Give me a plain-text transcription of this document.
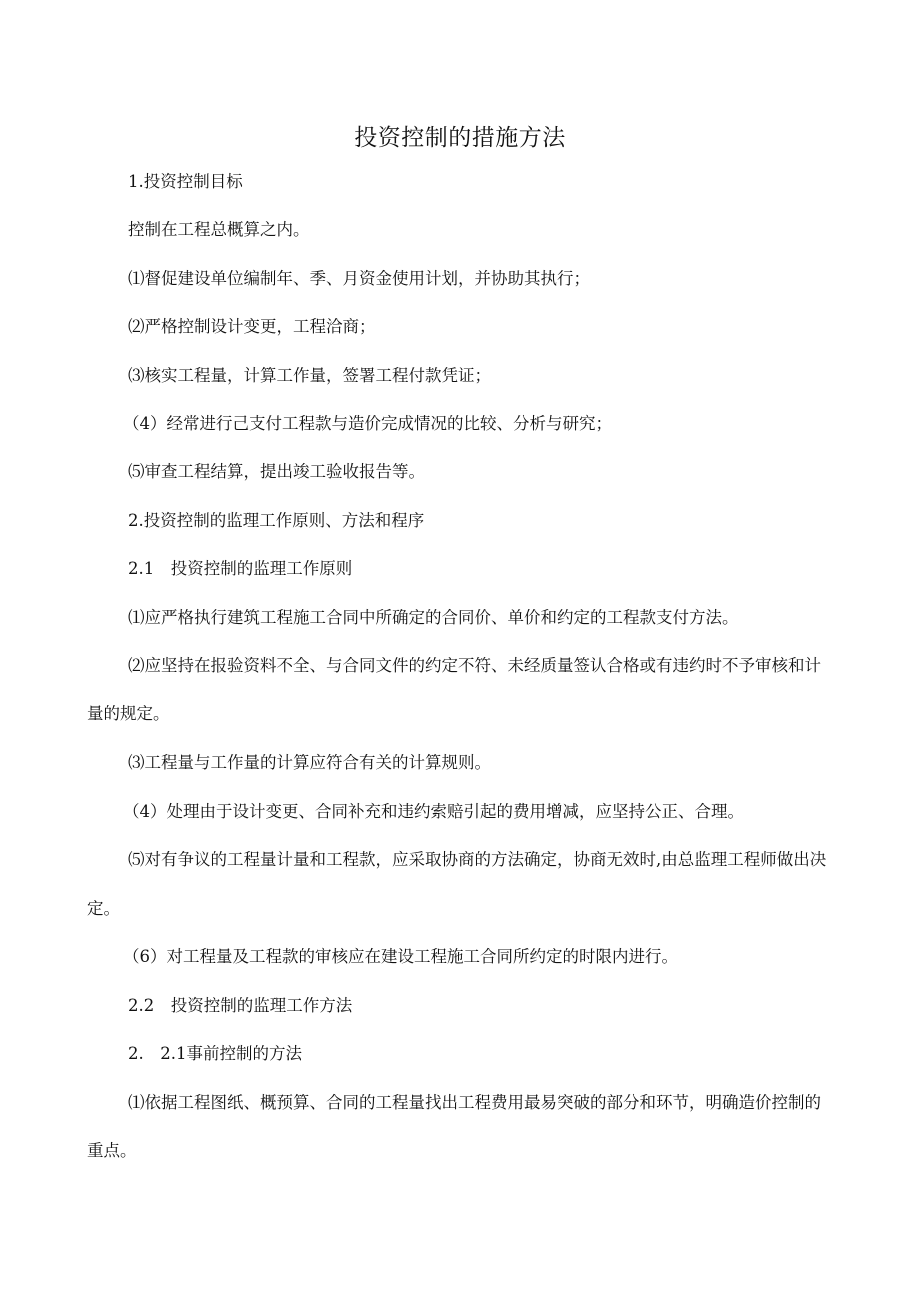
投资控制的措施方法

1.投资控制目标

控制在工程总概算之内。

⑴督促建设单位编制年、季、月资金使用计划，并协助其执行；

⑵严格控制设计变更，工程洽商；

⑶核实工程量，计算工作量，签署工程付款凭证；

（4）经常进行己支付工程款与造价完成情况的比较、分析与研究；

⑸审查工程结算，提出竣工验收报告等。

2.投资控制的监理工作原则、方法和程序

2.1　投资控制的监理工作原则

⑴应严格执行建筑工程施工合同中所确定的合同价、单价和约定的工程款支付方法。

⑵应坚持在报验资料不全、与合同文件的约定不符、未经质量签认合格或有违约时不予审核和计量的规定。

⑶工程量与工作量的计算应符合有关的计算规则。

（4）处理由于设计变更、合同补充和违约索赔引起的费用增减，应坚持公正、合理。

⑸对有争议的工程量计量和工程款，应采取协商的方法确定，协商无效时,由总监理工程师做出决定。

（6）对工程量及工程款的审核应在建设工程施工合同所约定的时限内进行。

2.2　投资控制的监理工作方法

2.　2.1事前控制的方法

⑴依据工程图纸、概预算、合同的工程量找出工程费用最易突破的部分和环节，明确造价控制的重点。
